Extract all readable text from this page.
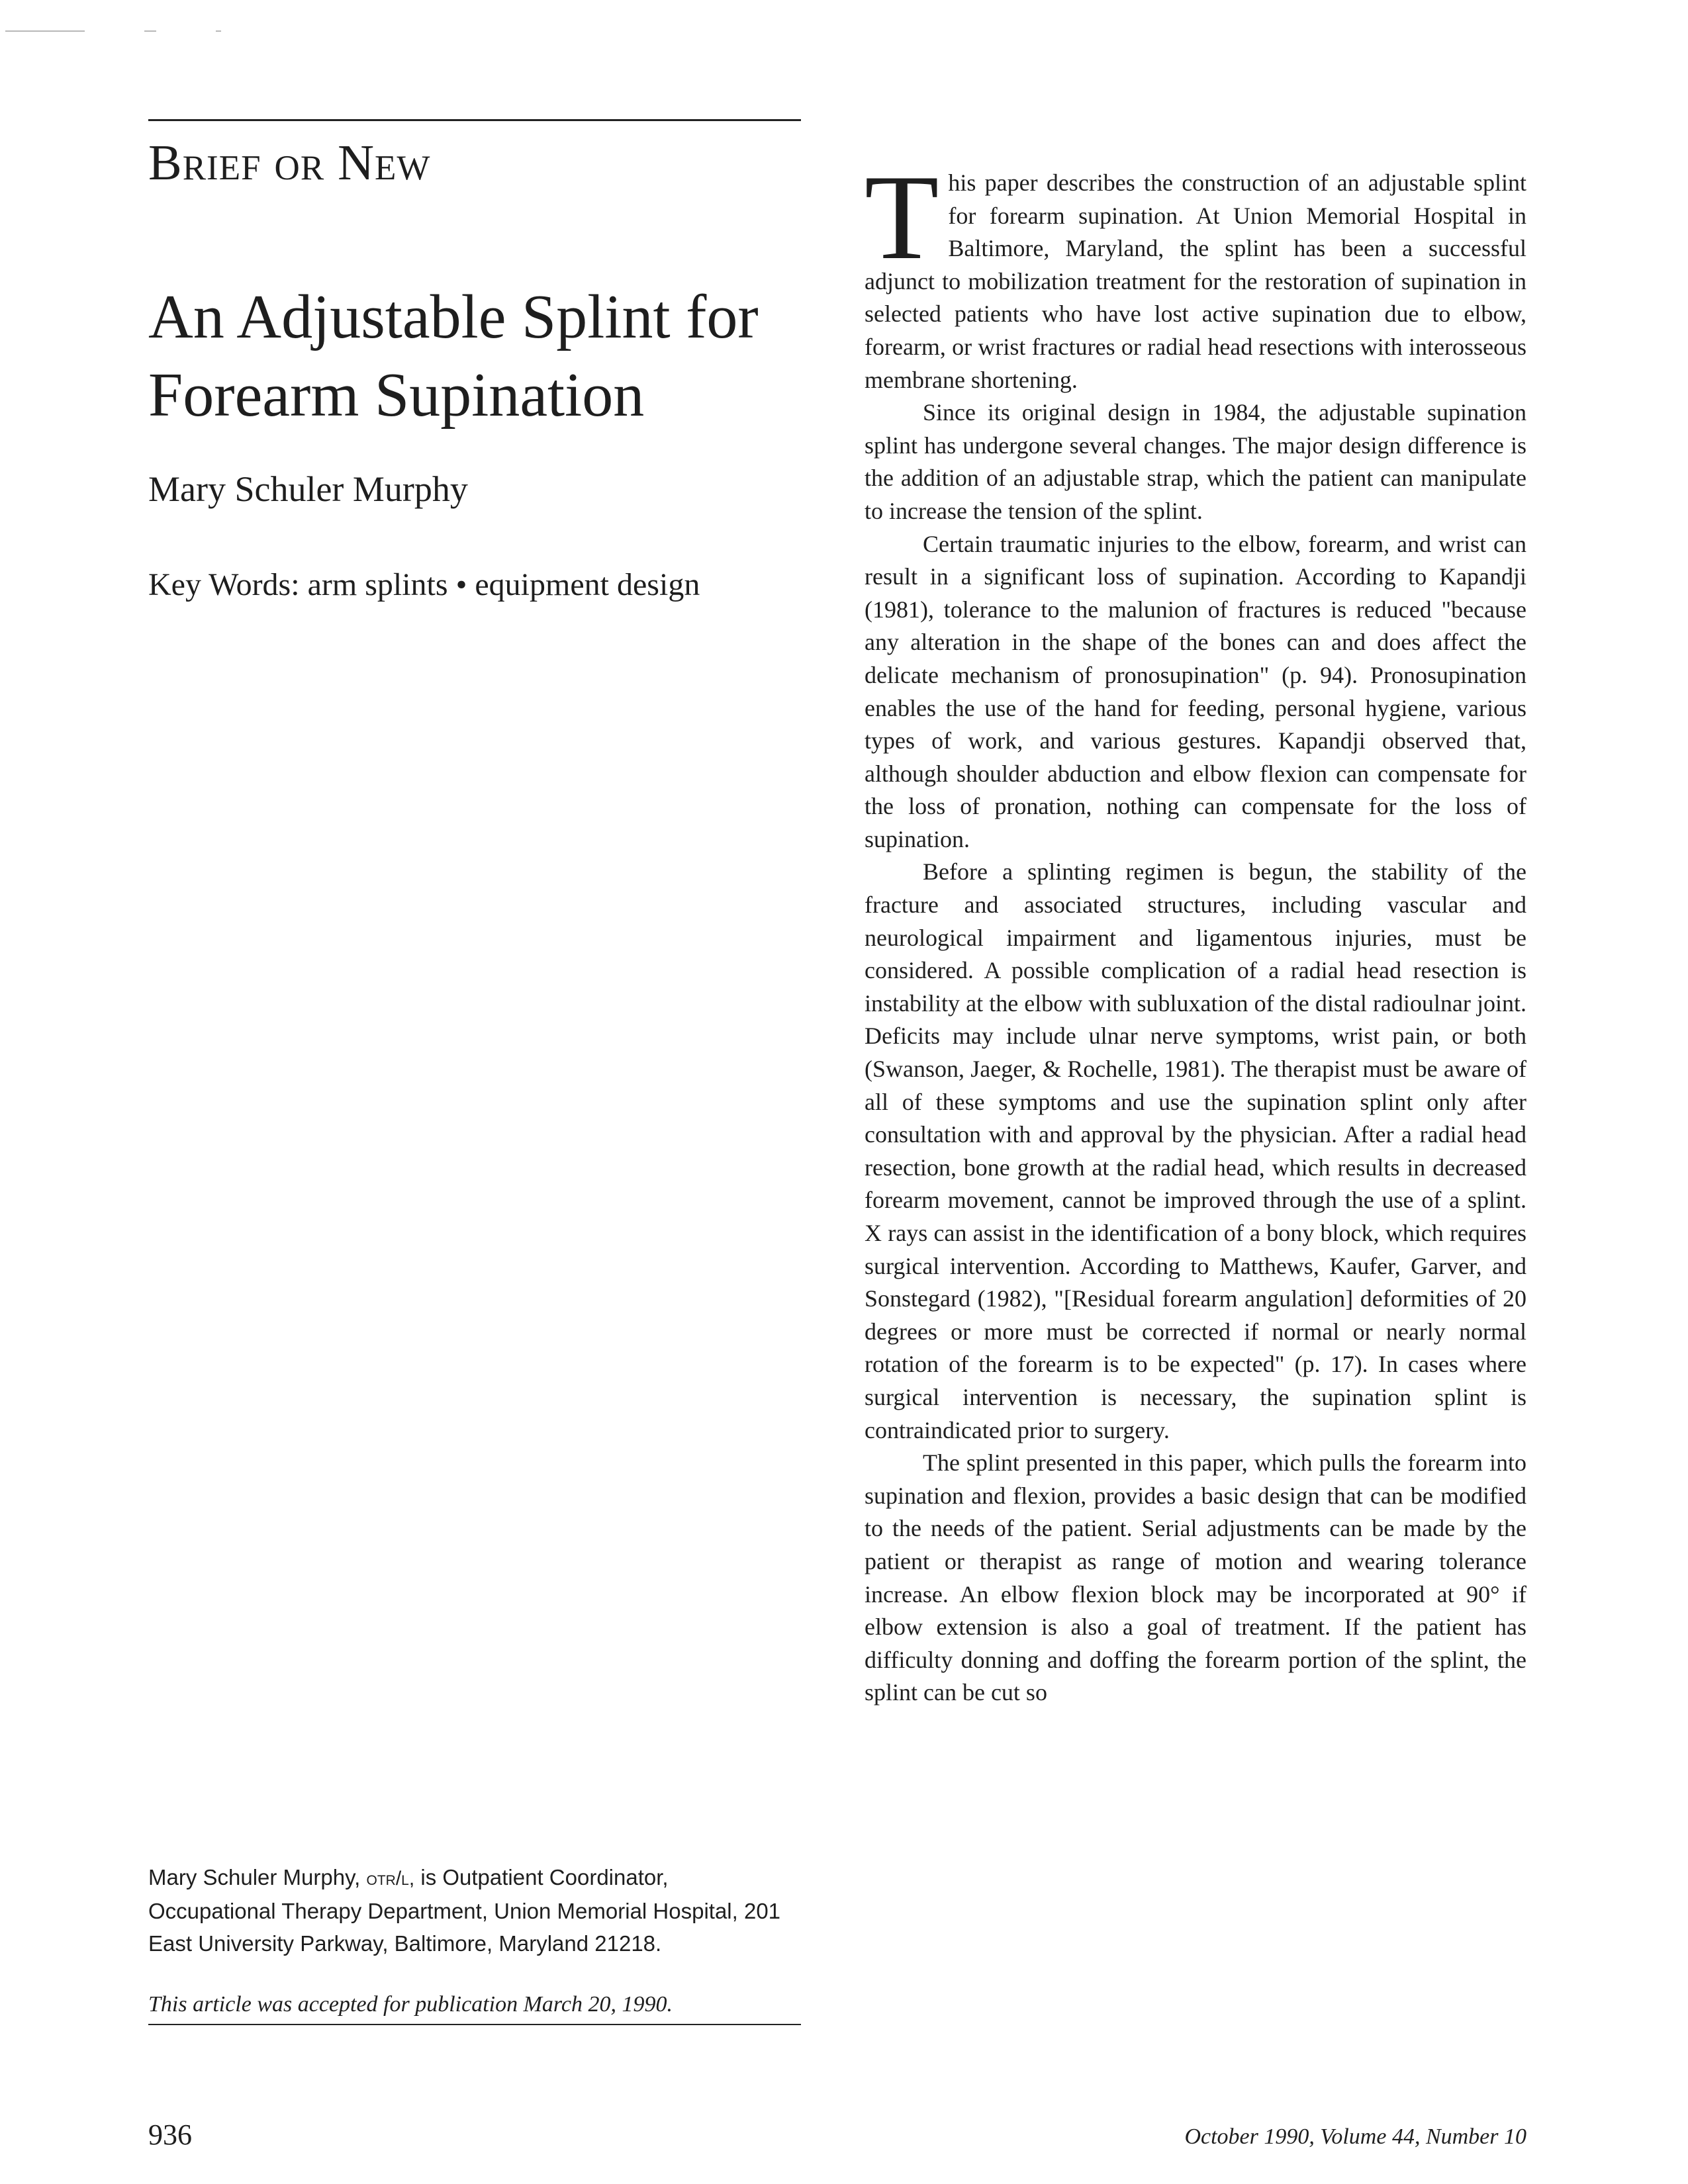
Brief or New
An Adjustable Splint for Forearm Supination
Mary Schuler Murphy
Key Words: arm splints • equipment design

Mary Schuler Murphy, otr/l, is Outpatient Coordinator, Occupational Therapy Department, Union Memorial Hospital, 201 East University Parkway, Baltimore, Maryland 21218.

This article was accepted for publication March 20, 1990.
936

This paper describes the construction of an adjustable splint for forearm supination. At Union Memorial Hospital in Baltimore, Maryland, the splint has been a successful adjunct to mobilization treatment for the restoration of supination in selected patients who have lost active supination due to elbow, forearm, or wrist fractures or radial head resections with interosseous membrane shortening.

Since its original design in 1984, the adjustable supination splint has undergone several changes. The major design difference is the addition of an adjustable strap, which the patient can manipulate to increase the tension of the splint.

Certain traumatic injuries to the elbow, forearm, and wrist can result in a significant loss of supination. According to Kapandji (1981), tolerance to the malunion of fractures is reduced "because any alteration in the shape of the bones can and does affect the delicate mechanism of pronosupination" (p. 94). Pronosupination enables the use of the hand for feeding, personal hygiene, various types of work, and various gestures. Kapandji observed that, although shoulder abduction and elbow flexion can compensate for the loss of pronation, nothing can compensate for the loss of supination.

Before a splinting regimen is begun, the stability of the fracture and associated structures, including vascular and neurological impairment and ligamentous injuries, must be considered. A possible complication of a radial head resection is instability at the elbow with subluxation of the distal radioulnar joint. Deficits may include ulnar nerve symptoms, wrist pain, or both (Swanson, Jaeger, & Rochelle, 1981). The therapist must be aware of all of these symptoms and use the supination splint only after consultation with and approval by the physician. After a radial head resection, bone growth at the radial head, which results in decreased forearm movement, cannot be improved through the use of a splint. X rays can assist in the identification of a bony block, which requires surgical intervention. According to Matthews, Kaufer, Garver, and Sonstegard (1982), "[Residual forearm angulation] deformities of 20 degrees or more must be corrected if normal or nearly normal rotation of the forearm is to be expected" (p. 17). In cases where surgical intervention is necessary, the supination splint is contraindicated prior to surgery.

The splint presented in this paper, which pulls the forearm into supination and flexion, provides a basic design that can be modified to the needs of the patient. Serial adjustments can be made by the patient or therapist as range of motion and wearing tolerance increase. An elbow flexion block may be incorporated at 90° if elbow extension is also a goal of treatment. If the patient has difficulty donning and doffing the forearm portion of the splint, the splint can be cut so

October 1990, Volume 44, Number 10
